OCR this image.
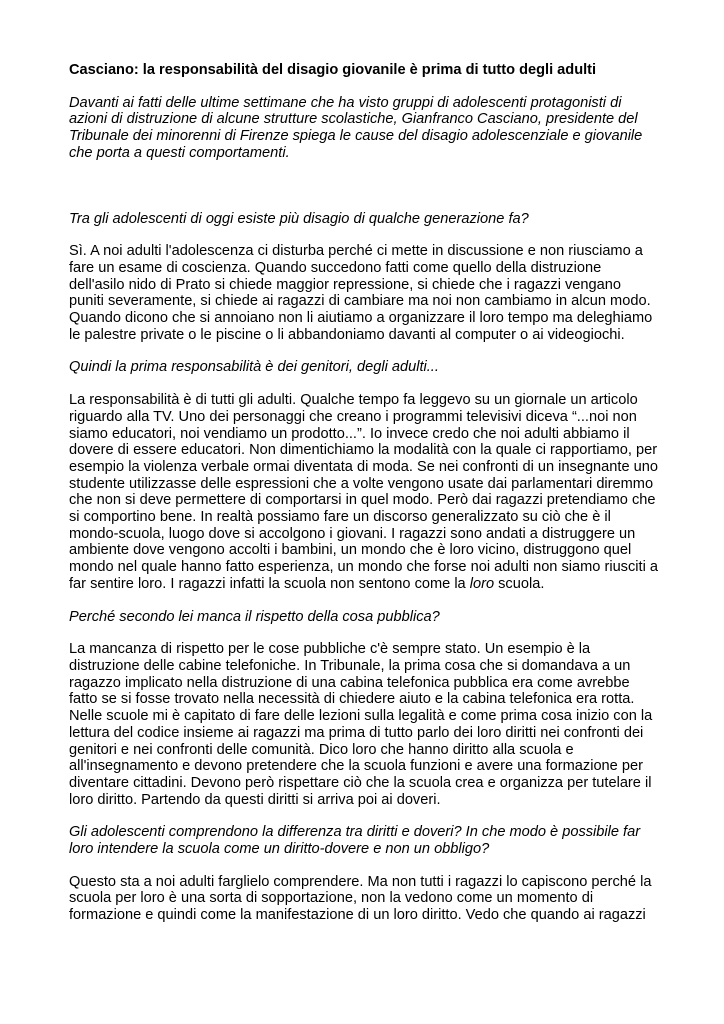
Casciano: la responsabilità del disagio giovanile è prima di tutto degli adulti

Davanti ai fatti delle ultime settimane che ha visto gruppi di adolescenti protagonisti di azioni di distruzione di alcune strutture scolastiche, Gianfranco Casciano, presidente del Tribunale dei minorenni di Firenze spiega le cause del disagio adolescenziale e giovanile che porta a questi comportamenti.

Tra gli adolescenti di oggi esiste più disagio di qualche generazione fa?

Sì. A noi adulti l'adolescenza ci disturba perché ci mette in discussione e non riusciamo a fare un esame di coscienza. Quando succedono fatti come quello della distruzione dell'asilo nido di Prato si chiede maggior repressione, si chiede che i ragazzi vengano puniti severamente, si chiede ai ragazzi di cambiare ma noi non cambiamo in alcun modo. Quando dicono che si annoiano non li aiutiamo a organizzare il loro tempo ma deleghiamo le palestre private o le piscine o li abbandoniamo davanti al computer o ai videogiochi.

Quindi la prima responsabilità è dei genitori, degli adulti...

La responsabilità è di tutti gli adulti. Qualche tempo fa leggevo su un giornale un articolo riguardo alla TV. Uno dei personaggi che creano i programmi televisivi diceva “...noi non siamo educatori, noi vendiamo un prodotto...”. Io invece credo che noi adulti abbiamo il dovere di essere educatori. Non dimentichiamo la modalità con la quale ci rapportiamo, per esempio la violenza verbale ormai diventata di moda. Se nei confronti di un insegnante uno studente utilizzasse delle espressioni che a volte vengono usate dai parlamentari diremmo che non si deve permettere di comportarsi in quel modo. Però dai ragazzi pretendiamo che si comportino bene. In realtà possiamo fare un discorso generalizzato su ciò che è il mondo-scuola, luogo dove si accolgono i giovani. I ragazzi sono andati a distruggere un ambiente dove vengono accolti i bambini, un mondo che è loro vicino, distruggono quel mondo nel quale hanno fatto esperienza, un mondo che forse noi adulti non siamo riusciti a far sentire loro. I ragazzi infatti la scuola non sentono come la loro scuola.

Perché secondo lei manca il rispetto della cosa pubblica?

La mancanza di rispetto per le cose pubbliche c'è sempre stato. Un esempio è la distruzione delle cabine telefoniche. In Tribunale, la prima cosa che si domandava a un ragazzo implicato nella distruzione di una cabina telefonica pubblica era come avrebbe fatto se si fosse trovato nella necessità di chiedere aiuto e la cabina telefonica era rotta. Nelle scuole mi è capitato di fare delle lezioni sulla legalità e come prima cosa inizio con la lettura del codice insieme ai ragazzi ma prima di tutto parlo dei loro diritti nei confronti dei genitori e nei confronti delle comunità. Dico loro che hanno diritto alla scuola e all'insegnamento e devono pretendere che la scuola funzioni e avere una formazione per diventare cittadini. Devono però rispettare ciò che la scuola crea e organizza per tutelare il loro diritto. Partendo da questi diritti si arriva poi ai doveri.

Gli adolescenti comprendono la differenza tra diritti e doveri? In che modo è possibile far loro intendere la scuola come un diritto-dovere e non un obbligo?

Questo sta a noi adulti farglielo comprendere. Ma non tutti i ragazzi lo capiscono perché la scuola per loro è una sorta di sopportazione, non la vedono come un momento di formazione e quindi come la manifestazione di un loro diritto. Vedo che quando ai ragazzi
